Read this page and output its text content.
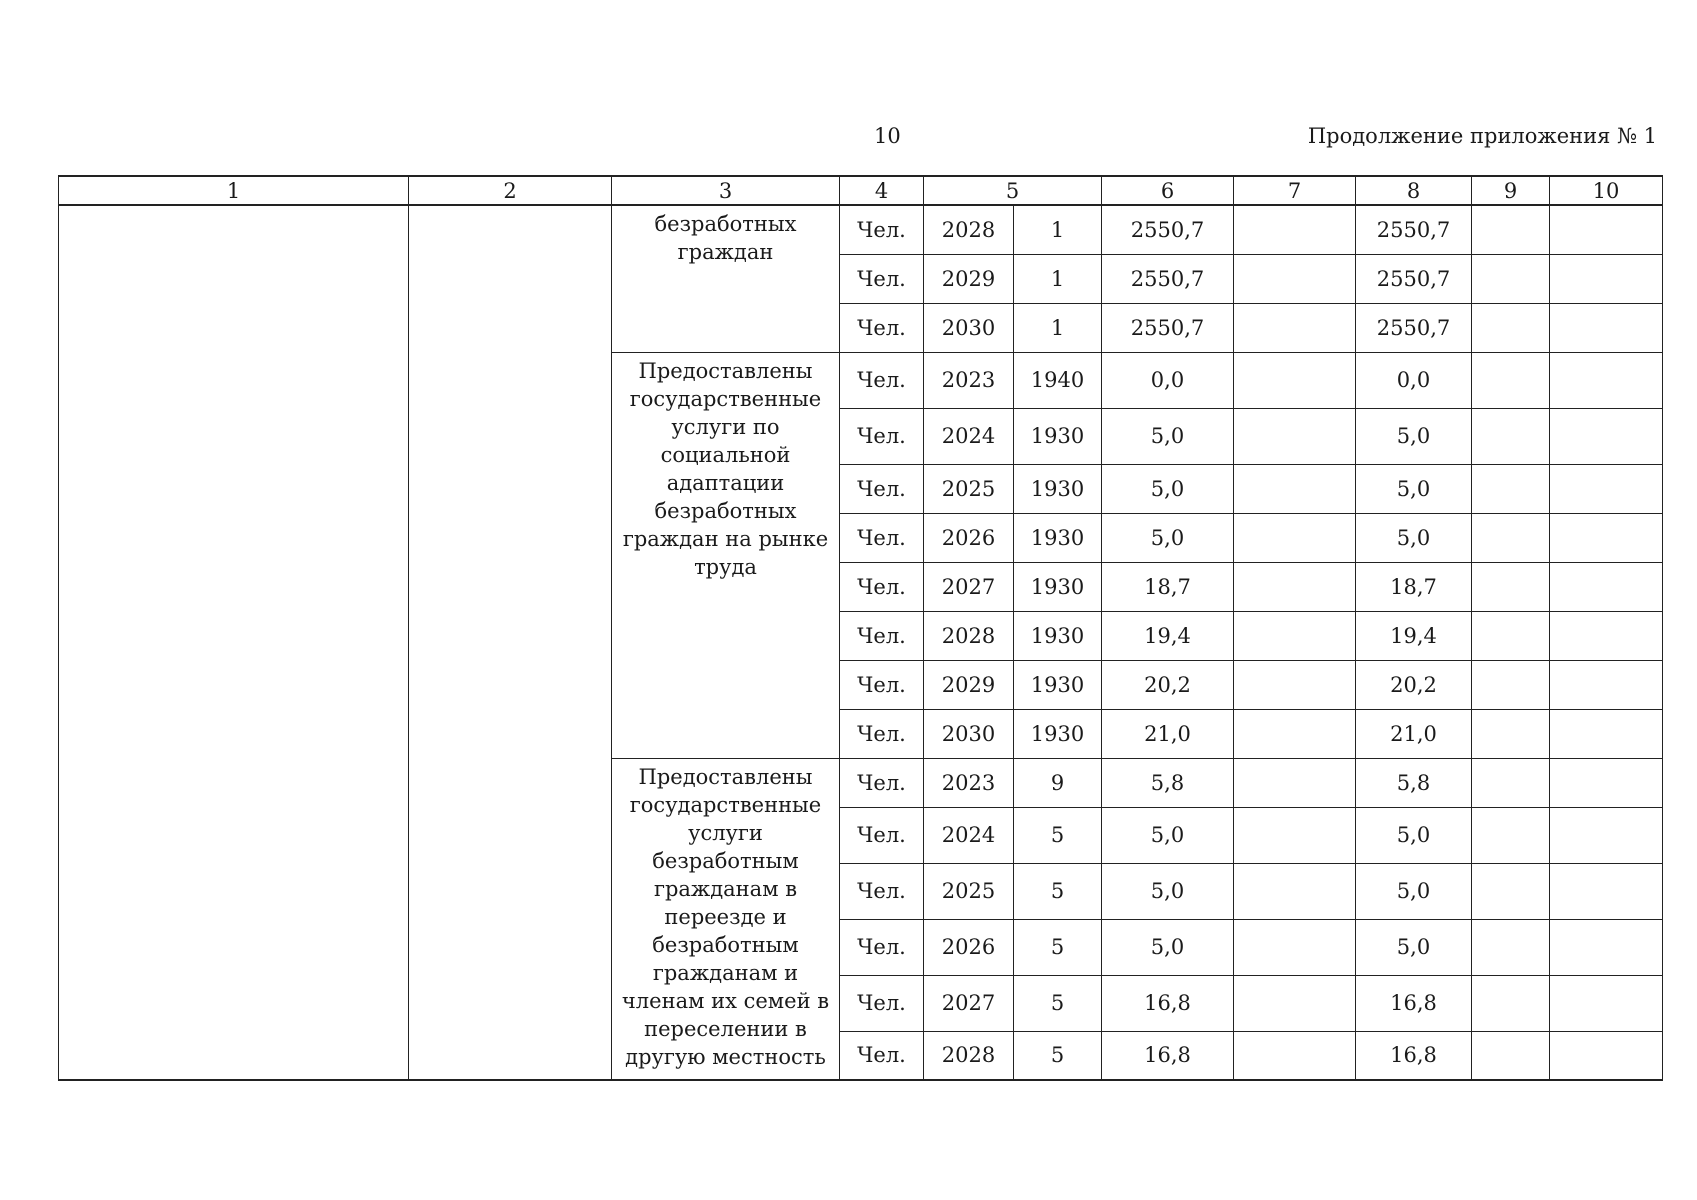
10	Продолжение приложения № 1
1	2	3	4	5		6	7	8	9	10
		безработных граждан	Чел.	2028	1	2550,7		2550,7		
			Чел.	2029	1	2550,7		2550,7		
			Чел.	2030	1	2550,7		2550,7		
		Предоставлены государственные услуги по социальной адаптации безработных граждан на рынке труда	Чел.	2023	1940	0,0		0,0		
			Чел.	2024	1930	5,0		5,0		
			Чел.	2025	1930	5,0		5,0		
			Чел.	2026	1930	5,0		5,0		
			Чел.	2027	1930	18,7		18,7		
			Чел.	2028	1930	19,4		19,4		
			Чел.	2029	1930	20,2		20,2		
			Чел.	2030	1930	21,0		21,0		
		Предоставлены государственные услуги безработным гражданам в переезде и безработным гражданам и членам их семей в переселении в другую местность	Чел.	2023	9	5,8		5,8		
			Чел.	2024	5	5,0		5,0		
			Чел.	2025	5	5,0		5,0		
			Чел.	2026	5	5,0		5,0		
			Чел.	2027	5	16,8		16,8		
			Чел.	2028	5	16,8		16,8		
